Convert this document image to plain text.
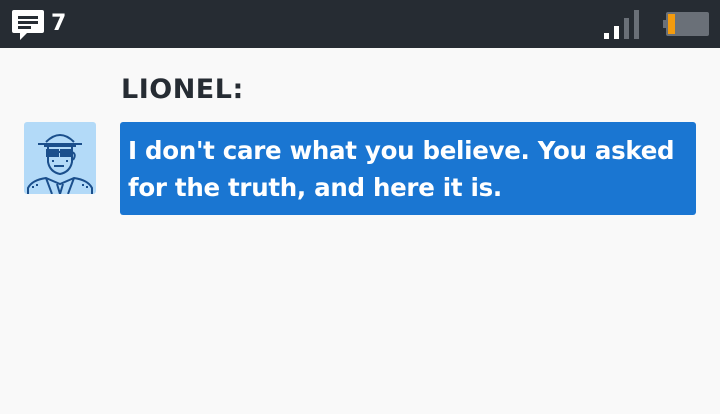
7
LIONEL:

I don't care what you believe. You asked for the truth, and here it is.
